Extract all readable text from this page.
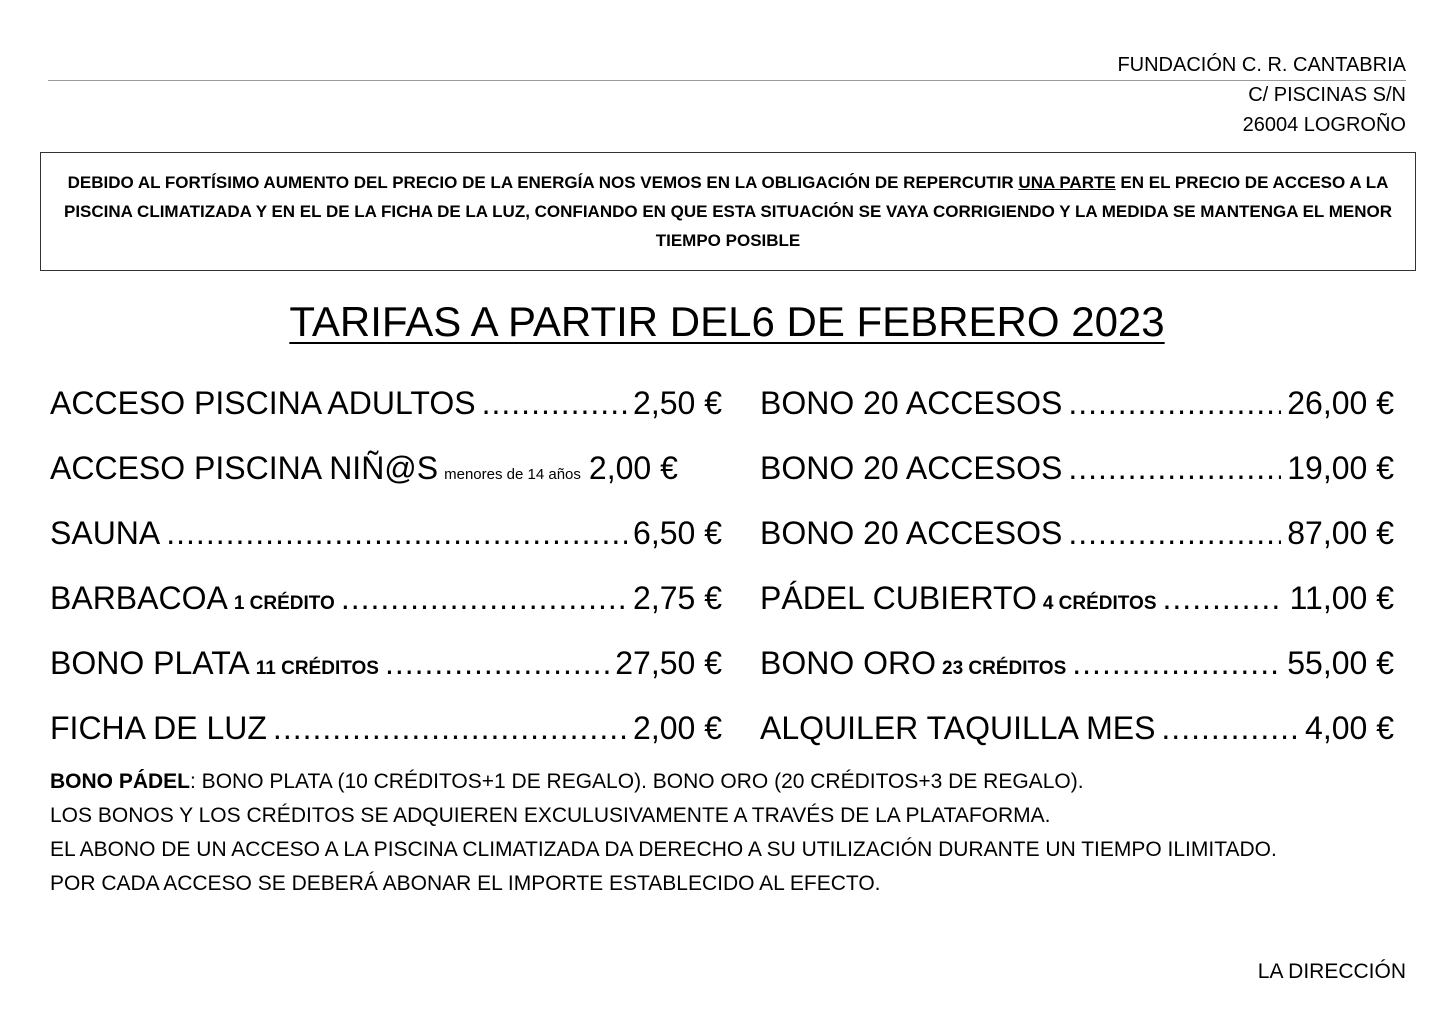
FUNDACIÓN C. R. CANTABRIA
C/ PISCINAS S/N
26004 LOGROÑO
DEBIDO AL FORTÍSIMO AUMENTO DEL PRECIO DE LA ENERGÍA NOS VEMOS EN LA OBLIGACIÓN DE REPERCUTIR UNA PARTE EN EL PRECIO DE ACCESO A LA PISCINA CLIMATIZADA Y EN EL DE LA FICHA DE LA LUZ, CONFIANDO EN QUE ESTA SITUACIÓN SE VAYA CORRIGIENDO Y LA MEDIDA SE MANTENGA EL MENOR TIEMPO POSIBLE
TARIFAS A PARTIR DEL6 DE FEBRERO 2023
ACCESO PISCINA ADULTOS .....	2,50 €
ACCESO PISCINA NIÑ@S menores de 14 años 2,00 €
SAUNA .....	6,50 €
BARBACOA 1 CRÉDITO .....	2,75 €
BONO PLATA 11 CRÉDITOS .....	27,50 €
FICHA DE LUZ .....	2,00 €
BONO 20 ACCESOS .....	26,00 €
BONO 20 ACCESOS .....	19,00 €
BONO 20 ACCESOS .....	87,00 €
PÁDEL CUBIERTO 4 CRÉDITOS .....	11,00 €
BONO ORO 23 CRÉDITOS .....	55,00 €
ALQUILER TAQUILLA MES .....	4,00 €

BONO PÁDEL: BONO PLATA (10 CRÉDITOS+1 DE REGALO). BONO ORO (20 CRÉDITOS+3 DE REGALO).

LOS BONOS Y LOS CRÉDITOS SE ADQUIEREN EXCULUSIVAMENTE A TRAVÉS DE LA PLATAFORMA.

EL ABONO DE UN ACCESO A LA PISCINA CLIMATIZADA DA DERECHO A SU UTILIZACIÓN DURANTE UN TIEMPO ILIMITADO.

POR CADA ACCESO SE DEBERÁ ABONAR EL IMPORTE ESTABLECIDO AL EFECTO.

LA DIRECCIÓN
